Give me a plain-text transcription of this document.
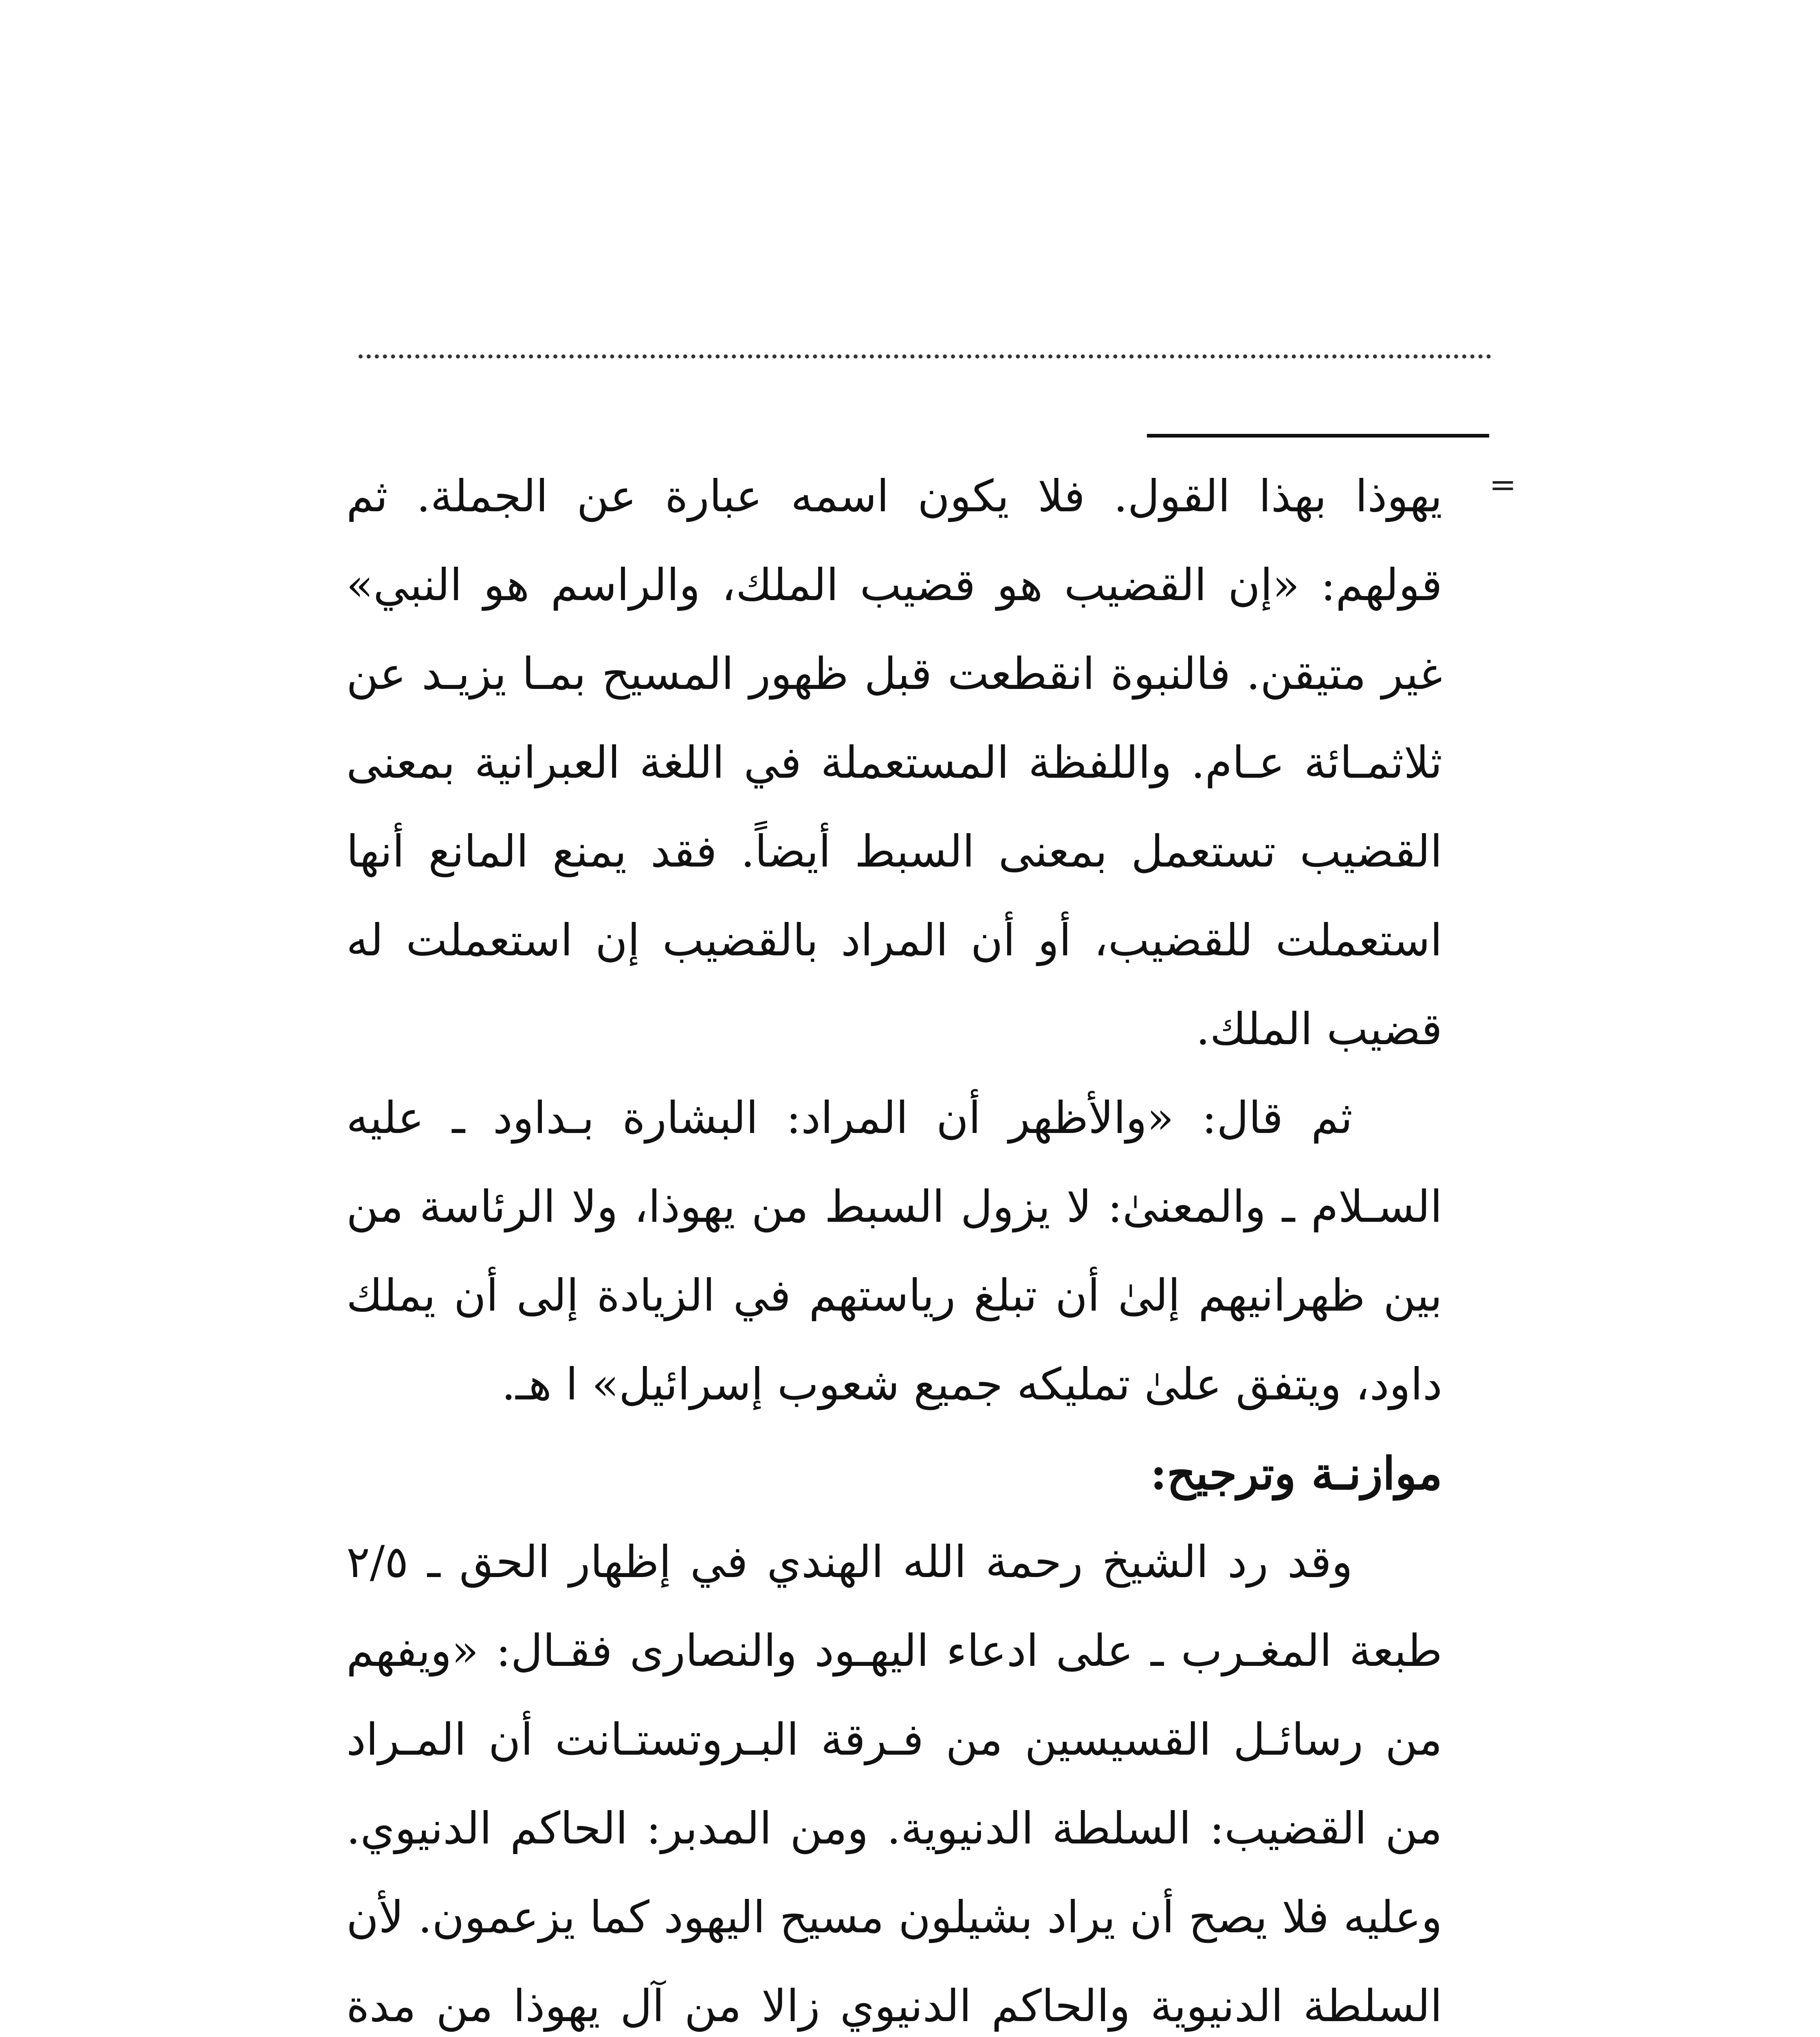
=

يهوذا بهذا القول. فلا يكون اسمه عبارة عن الجملة. ثم قولهم: «إن القضيب هو قضيب الملك، والراسم هو النبي» غير متيقن. فالنبوة انقطعت قبل ظهور المسيح بمـا يزيـد عن ثلاثمـائة عـام. واللفظة المستعملة في اللغة العبرانية بمعنى القضيب تستعمل بمعنى السبط أيضاً. فقد يمنع المانع أنها استعملت للقضيب، أو أن المراد بالقضيب إن استعملت له قضيب الملك.

ثم قال: «والأظهر أن المراد: البشارة بـداود ـ عليه السـلام ـ والمعنىٰ: لا يزول السبط من يهوذا، ولا الرئاسة من بين ظهرانيهم إلىٰ أن تبلغ رياستهم في الزيادة إلى أن يملك داود، ويتفق علىٰ تمليكه جميع شعوب إسرائيل» ا هـ.

موازنـة وترجيح:

وقد رد الشيخ رحمة الله الهندي في إظهار الحق ـ ٢/٥ طبعة المغـرب ـ على ادعاء اليهـود والنصارى فقـال: «ويفهم من رسائـل القسيسين من فـرقة البـروتستـانت أن المـراد من القضيب: السلطة الدنيوية. ومن المدبر: الحاكم الدنيوي. وعليه فلا يصح أن يراد بشيلون مسيح اليهود كما يزعمون. لأن السلطة الدنيوية والحاكم الدنيوي زالا من آل يهوذا من مدة
